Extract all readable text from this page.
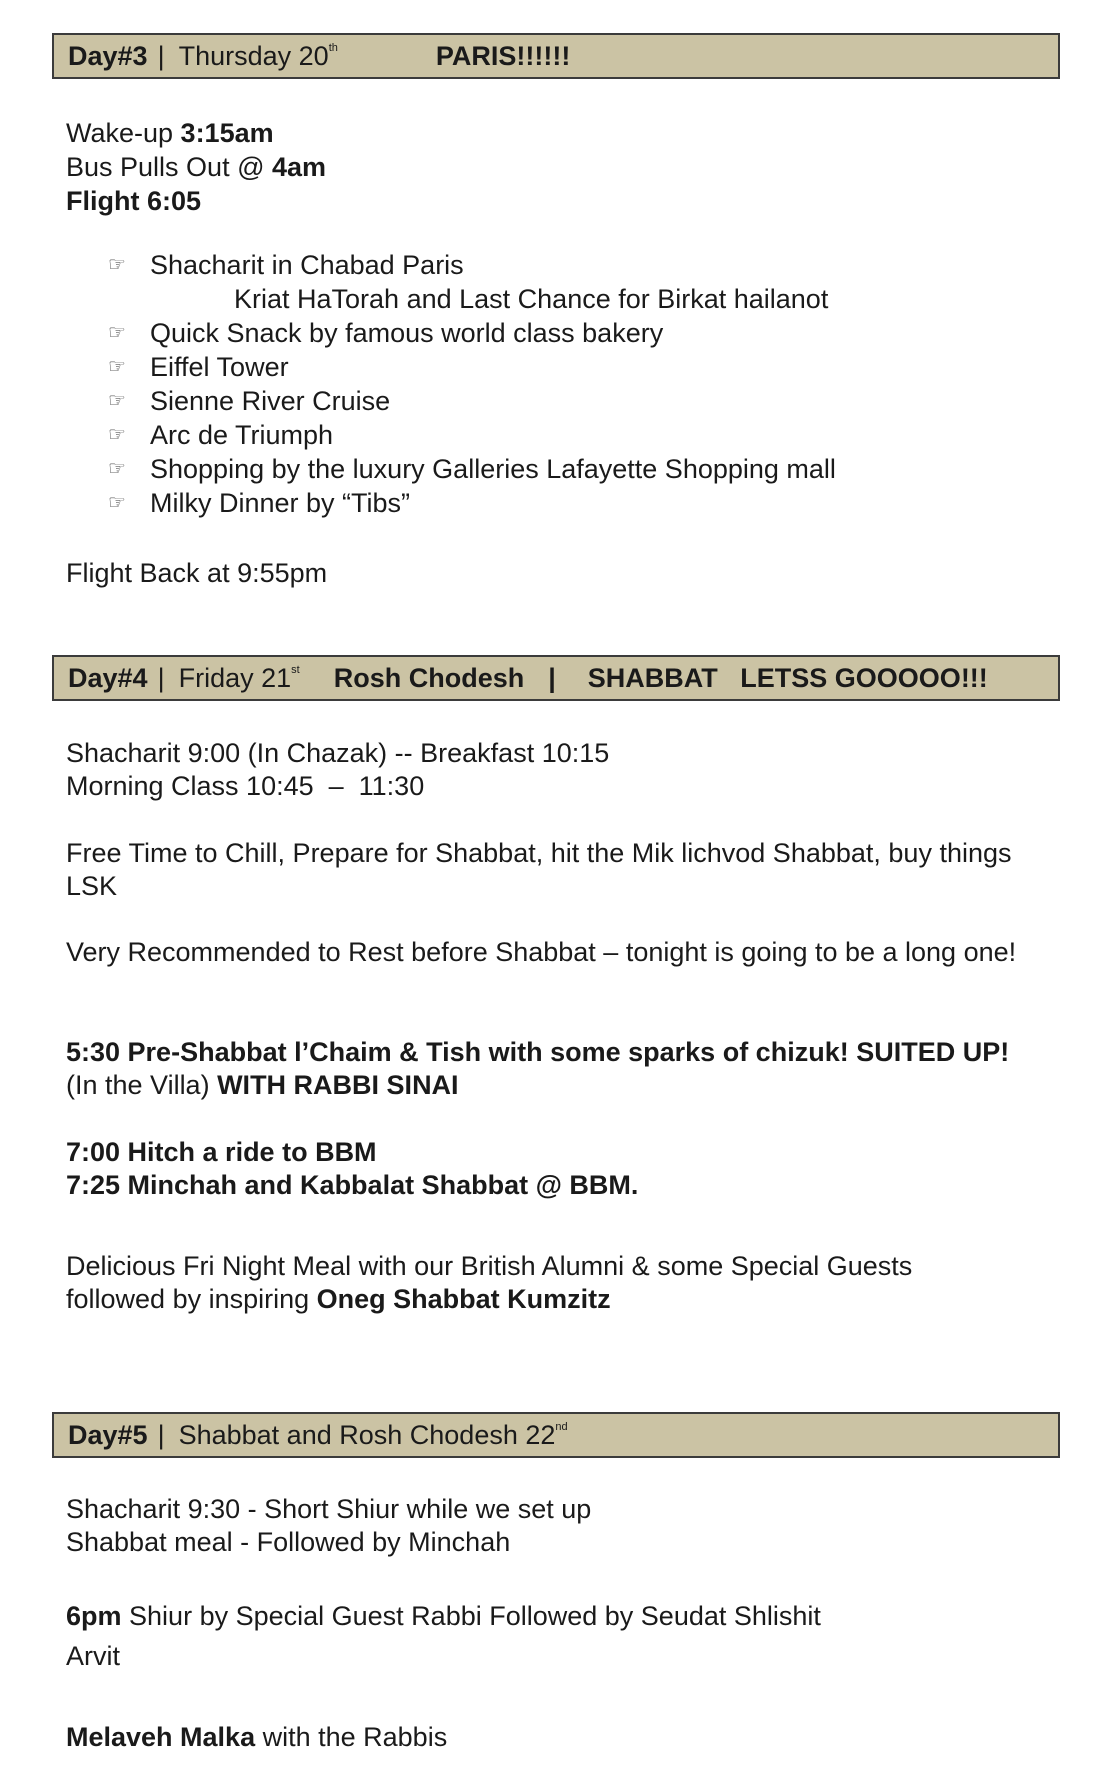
Day#3 | Thursday 20th	PARIS!!!!!!
Wake-up 3:15am
Bus Pulls Out @ 4am
Flight 6:05
☞ Shacharit in Chabad Paris
Kriat HaTorah and Last Chance for Birkat hailanot
☞ Quick Snack by famous world class bakery
☞ Eiffel Tower
☞ Sienne River Cruise
☞ Arc de Triumph
☞ Shopping by the luxury Galleries Lafayette Shopping mall
☞ Milky Dinner by “Tibs”
Flight Back at 9:55pm
Day#4 | Friday 21st Rosh Chodesh | SHABBAT   LETSS GOOOOO!!!
Shacharit 9:00 (In Chazak) -- Breakfast 10:15
Morning Class 10:45  –  11:30
Free Time to Chill, Prepare for Shabbat, hit the Mik lichvod Shabbat, buy things LSK
Very Recommended to Rest before Shabbat – tonight is going to be a long one!
5:30 Pre-Shabbat l’Chaim & Tish with some sparks of chizuk! SUITED UP!
(In the Villa) WITH RABBI SINAI
7:00 Hitch a ride to BBM
7:25 Minchah and Kabbalat Shabbat @ BBM.
Delicious Fri Night Meal with our British Alumni & some Special Guests
followed by inspiring Oneg Shabbat Kumzitz
Day#5 | Shabbat and Rosh Chodesh 22nd
Shacharit 9:30 - Short Shiur while we set up
Shabbat meal - Followed by Minchah
6pm Shiur by Special Guest Rabbi Followed by Seudat Shlishit
Arvit
Melaveh Malka with the Rabbis
